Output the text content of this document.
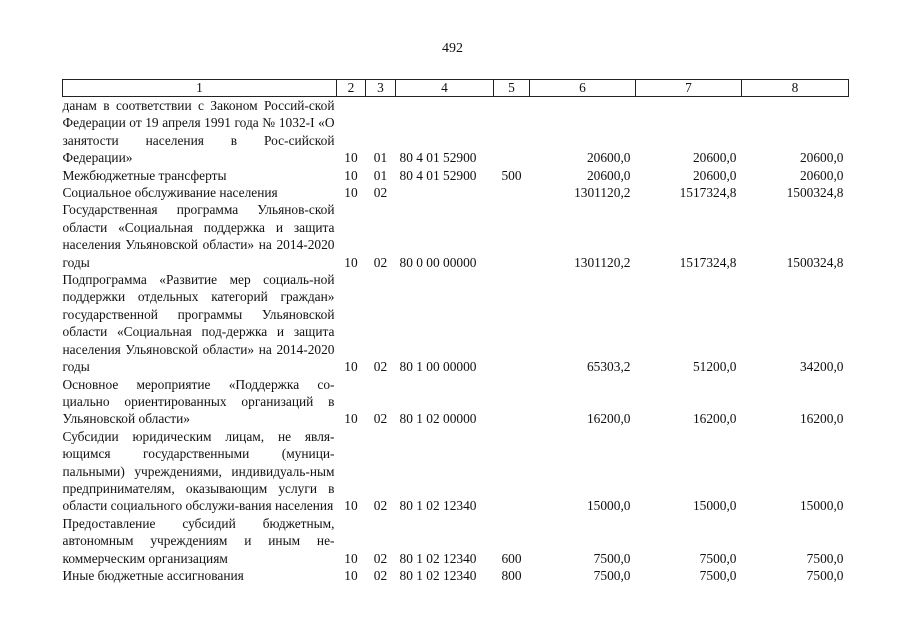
492
1	2	3	4	5	6	7	8
данам в соответствии с Законом Россий-ской Федерации от 19 апреля 1991 года № 1032-I «О занятости населения в Рос-сийской Федерации»	10	01	80 4 01 52900		20600,0	20600,0	20600,0
Межбюджетные трансферты	10	01	80 4 01 52900	500	20600,0	20600,0	20600,0
Социальное обслуживание населения	10	02			1301120,2	1517324,8	1500324,8
Государственная программа Ульянов-ской области «Социальная поддержка и защита населения Ульяновской области» на 2014-2020 годы	10	02	80 0 00 00000		1301120,2	1517324,8	1500324,8
Подпрограмма «Развитие мер социаль-ной поддержки отдельных категорий граждан» государственной программы Ульяновской области «Социальная под-держка и защита населения Ульяновской области» на 2014-2020 годы	10	02	80 1 00 00000		65303,2	51200,0	34200,0
Основное мероприятие «Поддержка со-циально ориентированных организаций в Ульяновской области»	10	02	80 1 02 00000		16200,0	16200,0	16200,0
Субсидии юридическим лицам, не явля-ющимся государственными (муници-пальными) учреждениями, индивидуаль-ным предпринимателям, оказывающим услуги в области социального обслужи-вания населения	10	02	80 1 02 12340		15000,0	15000,0	15000,0
Предоставление субсидий бюджетным, автономным учреждениям и иным не-коммерческим организациям	10	02	80 1 02 12340	600	7500,0	7500,0	7500,0
Иные бюджетные ассигнования	10	02	80 1 02 12340	800	7500,0	7500,0	7500,0
